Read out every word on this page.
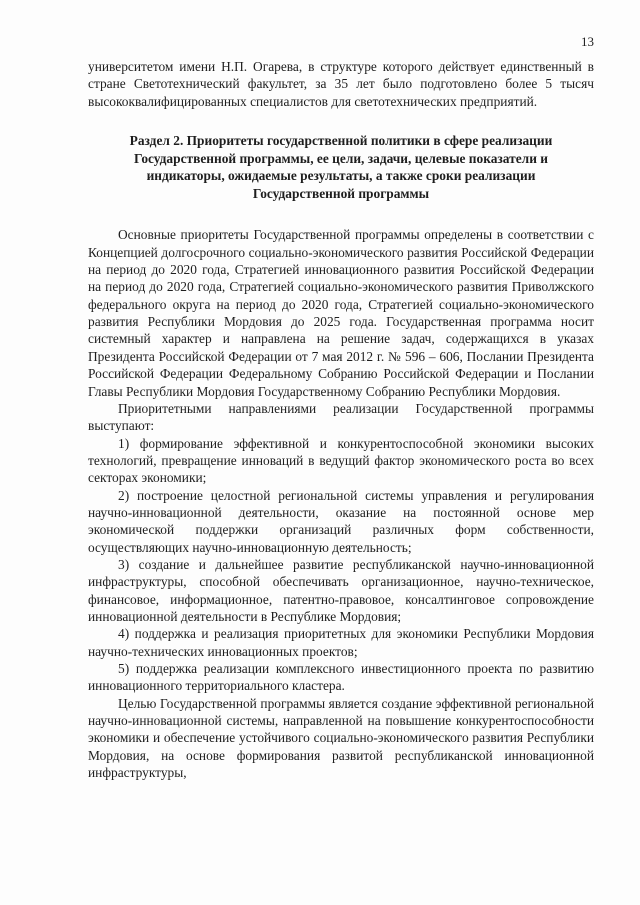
13

университетом имени Н.П. Огарева, в структуре которого действует единственный в стране Светотехнический факультет, за 35 лет было подготовлено более 5 тысяч высококвалифицированных специалистов для светотехнических предприятий.

Раздел 2. Приоритеты государственной политики в сфере реализации
Государственной программы, ее цели, задачи, целевые показатели и
индикаторы, ожидаемые результаты, а также сроки реализации
Государственной программы

Основные приоритеты Государственной программы определены в соответствии с Концепцией долгосрочного социально-экономического развития Российской Федерации на период до 2020 года, Стратегией инновационного развития Российской Федерации на период до 2020 года, Стратегией социально-экономического развития Приволжского федерального округа на период до 2020 года, Стратегией социально-экономического развития Республики Мордовия до 2025 года. Государственная программа носит системный характер и направлена на решение задач, содержащихся в указах Президента Российской Федерации от 7 мая 2012 г. № 596 – 606, Послании Президента Российской Федерации Федеральному Собранию Российской Федерации и Послании Главы Республики Мордовия Государственному Собранию Республики Мордовия.

Приоритетными направлениями реализации Государственной программы выступают:

1) формирование эффективной и конкурентоспособной экономики высоких технологий, превращение инноваций в ведущий фактор экономического роста во всех секторах экономики;

2) построение целостной региональной системы управления и регулирования научно-инновационной деятельности, оказание на постоянной основе мер экономической поддержки организаций различных форм собственности, осуществляющих научно-инновационную деятельность;

3) создание и дальнейшее развитие республиканской научно-инновационной инфраструктуры, способной обеспечивать организационное, научно-техническое, финансовое, информационное, патентно-правовое, консалтинговое сопровождение инновационной деятельности в Республике Мордовия;

4) поддержка и реализация приоритетных для экономики Республики Мордовия научно-технических инновационных проектов;

5) поддержка реализации комплексного инвестиционного проекта по развитию инновационного территориального кластера.

Целью Государственной программы является создание эффективной региональной научно-инновационной системы, направленной на повышение конкурентоспособности экономики и обеспечение устойчивого социально-экономического развития Республики Мордовия, на основе формирования развитой республиканской инновационной инфраструктуры,
